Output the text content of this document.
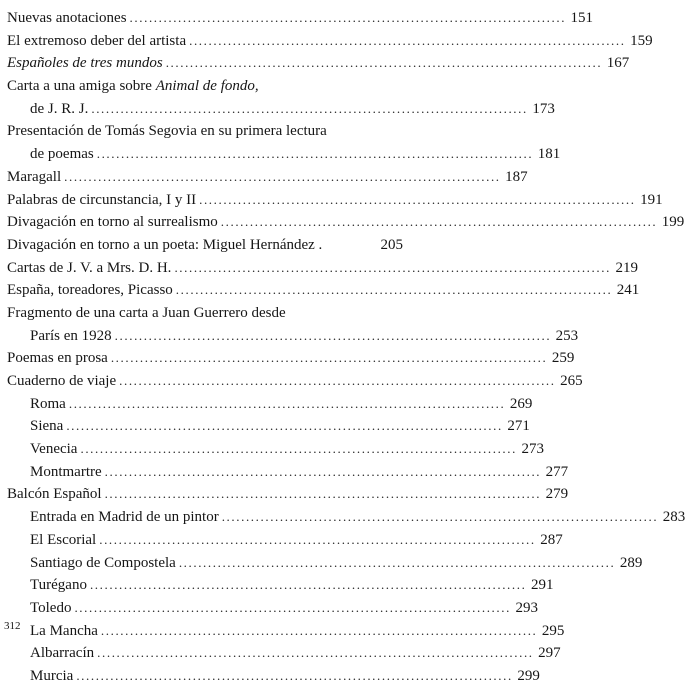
Nuevas anotaciones .......................................................................................... 151
El extremoso deber del artista .......................................................................................... 159
Españoles de tres mundos .......................................................................................... 167
Carta a una amiga sobre Animal de fondo,
de J. R. J. .......................................................................................... 173
Presentación de Tomás Segovia en su primera lectura
de poemas .......................................................................................... 181
Maragall .......................................................................................... 187
Palabras de circunstancia, I y II .......................................................................................... 191
Divagación en torno al surrealismo .......................................................................................... 199
Divagación en torno a un poeta: Miguel Hernández .	205
Cartas de J. V. a Mrs. D. H. .......................................................................................... 219
España, toreadores, Picasso .......................................................................................... 241
Fragmento de una carta a Juan Guerrero desde
París en 1928 .......................................................................................... 253
Poemas en prosa .......................................................................................... 259
Cuaderno de viaje .......................................................................................... 265
Roma .......................................................................................... 269
Siena .......................................................................................... 271
Venecia .......................................................................................... 273
Montmartre .......................................................................................... 277
Balcón Español .......................................................................................... 279
Entrada en Madrid de un pintor .......................................................................................... 283
El Escorial .......................................................................................... 287
Santiago de Compostela .......................................................................................... 289
Turégano .......................................................................................... 291
Toledo .......................................................................................... 293
La Mancha .......................................................................................... 295
Albarracín .......................................................................................... 297
Murcia .......................................................................................... 299
312
